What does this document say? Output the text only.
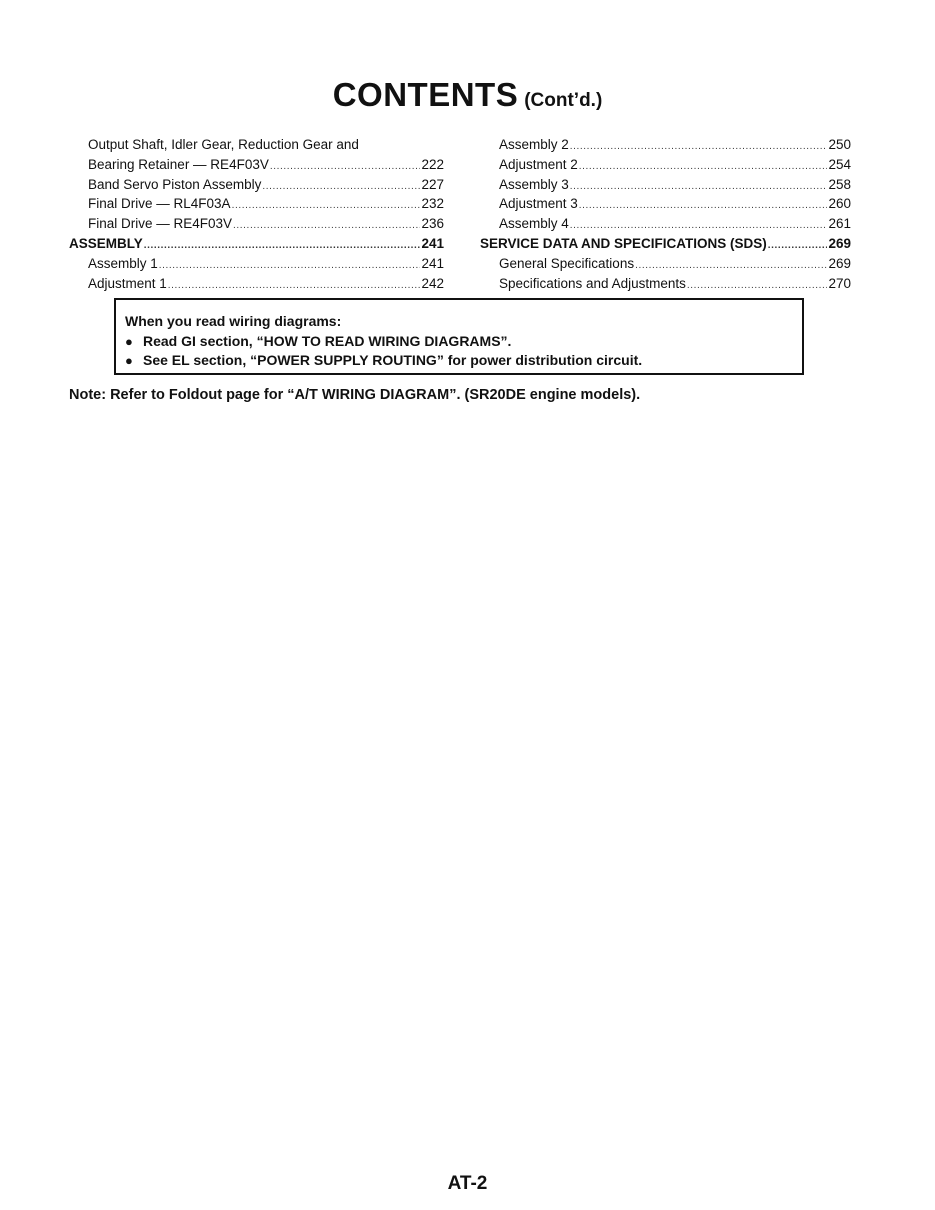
CONTENTS (Cont’d.)
Output Shaft, Idler Gear, Reduction Gear and
Bearing Retainer — RE4F03V .....	222
Band Servo Piston Assembly .....	227
Final Drive — RL4F03A .....	232
Final Drive — RE4F03V .....	236
ASSEMBLY .....	241
Assembly 1 .....	241
Adjustment 1 .....	242
Assembly 2 .....	250
Adjustment 2 .....	254
Assembly 3 .....	258
Adjustment 3 .....	260
Assembly 4 .....	261
SERVICE DATA AND SPECIFICATIONS (SDS) .....	269
General Specifications .....	269
Specifications and Adjustments .....	270
When you read wiring diagrams:
● Read GI section, “HOW TO READ WIRING DIAGRAMS”.
● See EL section, “POWER SUPPLY ROUTING” for power distribution circuit.
Note: Refer to Foldout page for “A/T WIRING DIAGRAM”. (SR20DE engine models).
AT-2
